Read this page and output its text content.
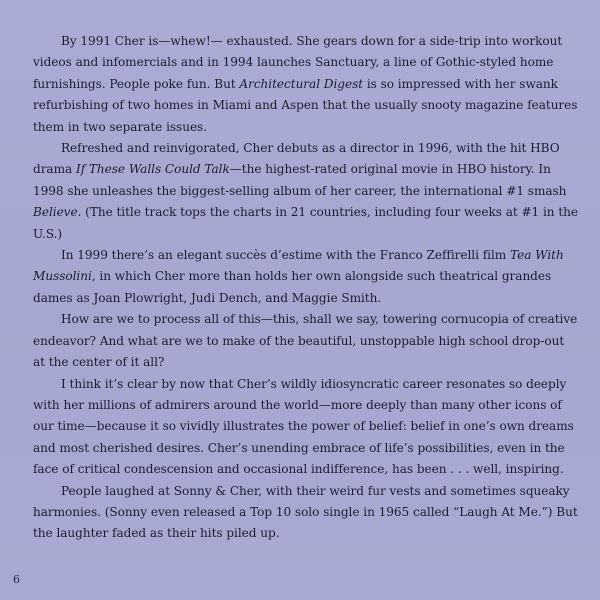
By 1991 Cher is—whew!— exhausted. She gears down for a side-trip into workout videos and infomercials and in 1994 launches Sanctuary, a line of Gothic-styled home furnishings. People poke fun. But Architectural Digest is so impressed with her swank refurbishing of two homes in Miami and Aspen that the usually snooty magazine features them in two separate issues.

Refreshed and reinvigorated, Cher debuts as a director in 1996, with the hit HBO drama If These Walls Could Talk—the highest-rated original movie in HBO history. In 1998 she unleashes the biggest-selling album of her career, the international #1 smash Believe. (The title track tops the charts in 21 countries, including four weeks at #1 in the U.S.)

In 1999 there’s an elegant succès d’estime with the Franco Zeffirelli film Tea With Mussolini, in which Cher more than holds her own alongside such theatrical grandes dames as Joan Plowright, Judi Dench, and Maggie Smith.

How are we to process all of this—this, shall we say, towering cornucopia of creative endeavor? And what are we to make of the beautiful, unstoppable high school drop-out at the center of it all?

I think it’s clear by now that Cher’s wildly idiosyncratic career resonates so deeply with her millions of admirers around the world—more deeply than many other icons of our time—because it so vividly illustrates the power of belief: belief in one’s own dreams and most cherished desires. Cher’s unending embrace of life’s possibilities, even in the face of critical condescension and occasional indifference, has been . . . well, inspiring.

People laughed at Sonny & Cher, with their weird fur vests and sometimes squeaky harmonies. (Sonny even released a Top 10 solo single in 1965 called “Laugh At Me.”) But the laughter faded as their hits piled up.

6
